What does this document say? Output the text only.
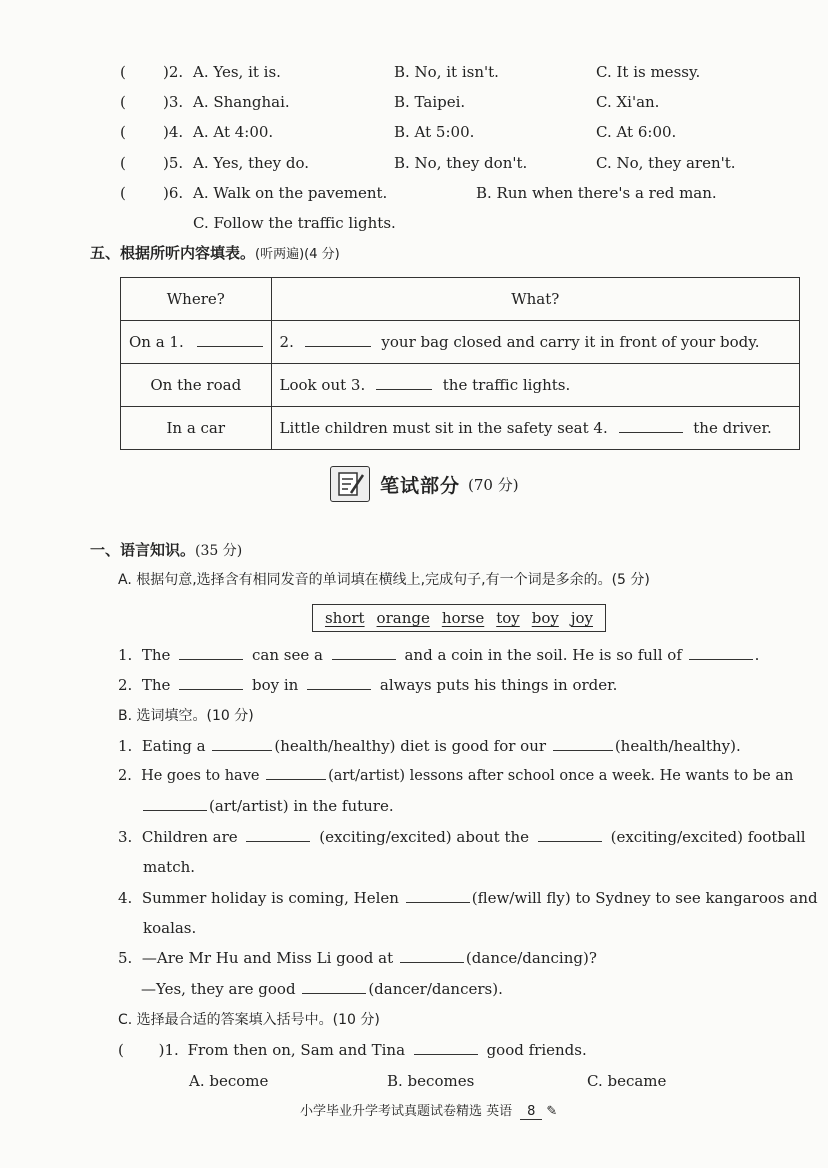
( )2. A. Yes, it is.	B. No, it isn't.	C. It is messy.
( )3. A. Shanghai.	B. Taipei.	C. Xi'an.
( )4. A. At 4:00.	B. At 5:00.	C. At 6:00.
( )5. A. Yes, they do.	B. No, they don't.	C. No, they aren't.
( )6. A. Walk on the pavement.	B. Run when there's a red man.
C. Follow the traffic lights.
五、根据所听内容填表。(听两遍)(4 分)
Where?	What?
On a 1.	2. your bag closed and carry it in front of your body.
On the road	Look out 3. the traffic lights.
In a car	Little children must sit in the safety seat 4. the driver.
笔试部分 (70 分)
一、语言知识。(35 分)
A. 根据句意,选择含有相同发音的单词填在横线上,完成句子,有一个词是多余的。(5 分)
short orange horse toy boy joy
1. The	can see a	and a coin in the soil. He is so full of	.
2. The	boy in	always puts his things in order.
B. 选词填空。(10 分)
1. Eating a	(health/healthy) diet is good for our	(health/healthy).
2. He goes to have	(art/artist) lessons after school once a week. He wants to be an
(art/artist) in the future.
3. Children are	(exciting/excited) about the	(exciting/excited) football
match.
4. Summer holiday is coming, Helen	(flew/will fly) to Sydney to see kangaroos and
koalas.
5. —Are Mr Hu and Miss Li good at	(dance/dancing)?
—Yes, they are good	(dancer/dancers).
C. 选择最合适的答案填入括号中。(10 分)
( )1. From then on, Sam and Tina	good friends.
A. become	B. becomes	C. became
小学毕业升学考试真题试卷精选 英语 8 ✎
